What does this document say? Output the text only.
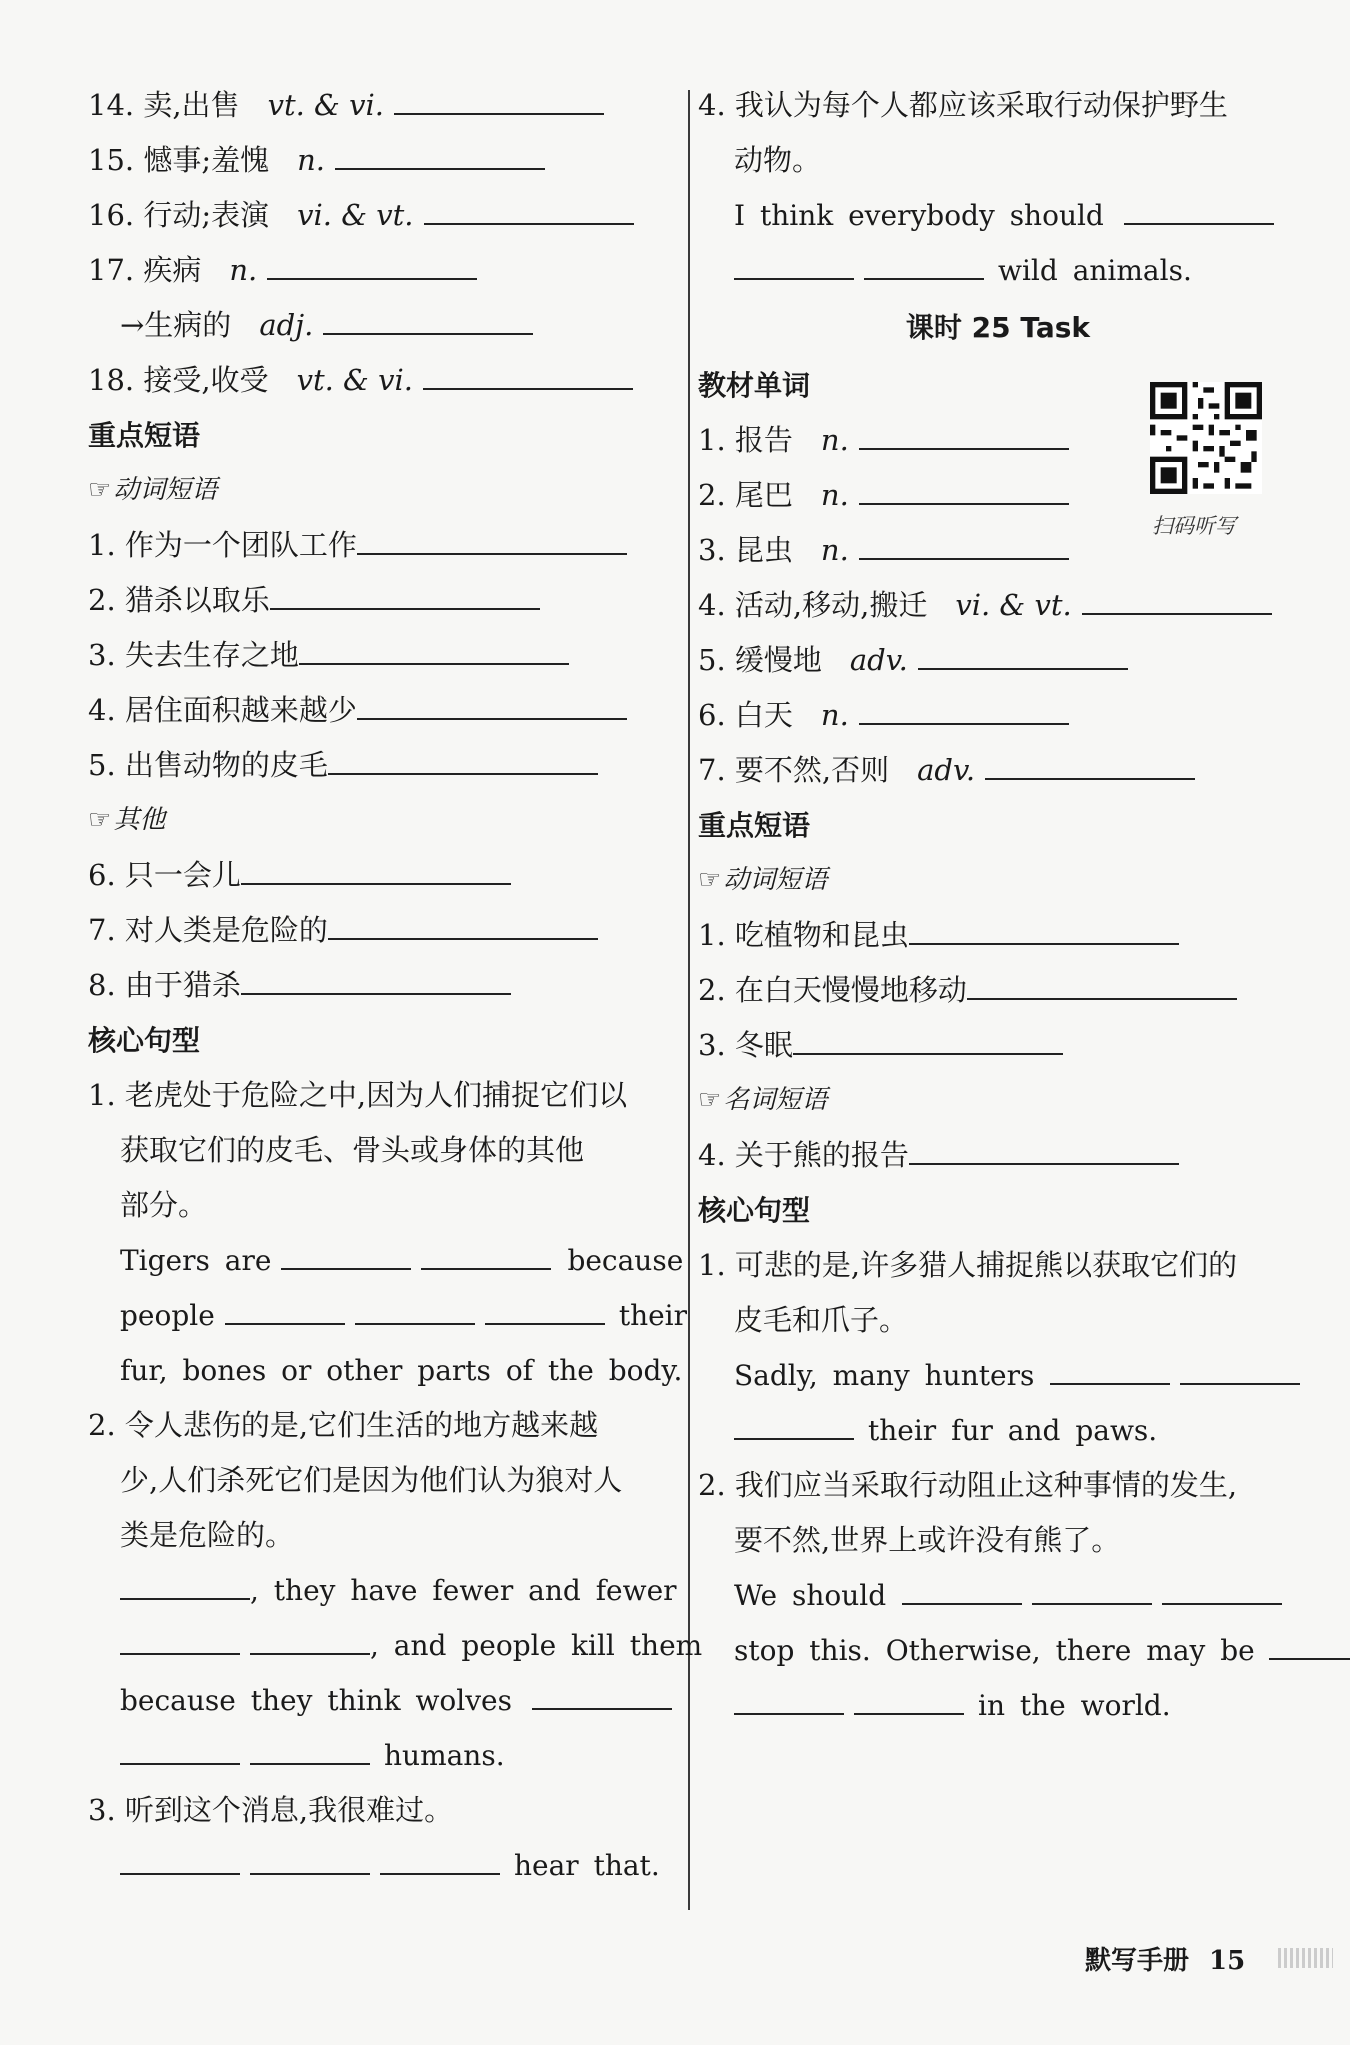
14. 卖,出售 vt. & vi.
15. 憾事;羞愧 n.
16. 行动;表演 vi. & vt.
17. 疾病 n.
→生病的 adj.
18. 接受,收受 vt. & vi.
重点短语
☞动词短语
1. 作为一个团队工作
2. 猎杀以取乐
3. 失去生存之地
4. 居住面积越来越少
5. 出售动物的皮毛
☞其他
6. 只一会儿
7. 对人类是危险的
8. 由于猎杀
核心句型
1. 老虎处于危险之中,因为人们捕捉它们以
获取它们的皮毛、骨头或身体的其他
部分。
Tigers are	because
people	their
fur, bones or other parts of the body.
2. 令人悲伤的是,它们生活的地方越来越
少,人们杀死它们是因为他们认为狼对人
类是危险的。
, they have fewer and fewer
, and people kill them
because they think wolves
humans.
3. 听到这个消息,我很难过。
hear that.
4. 我认为每个人都应该采取行动保护野生
动物。
I think everybody should
wild animals.
课时 25 Task
教材单词
1. 报告 n.
2. 尾巴 n.
3. 昆虫 n.
4. 活动,移动,搬迁 vi. & vt.
5. 缓慢地 adv.
6. 白天 n.
7. 要不然,否则 adv.
重点短语
☞动词短语
1. 吃植物和昆虫
2. 在白天慢慢地移动
3. 冬眠
☞名词短语
4. 关于熊的报告
核心句型
1. 可悲的是,许多猎人捕捉熊以获取它们的
皮毛和爪子。
Sadly, many hunters
their fur and paws.
2. 我们应当采取行动阻止这种事情的发生,
要不然,世界上或许没有熊了。
We should
stop this. Otherwise, there may be
in the world.
扫码听写
默写手册 15
